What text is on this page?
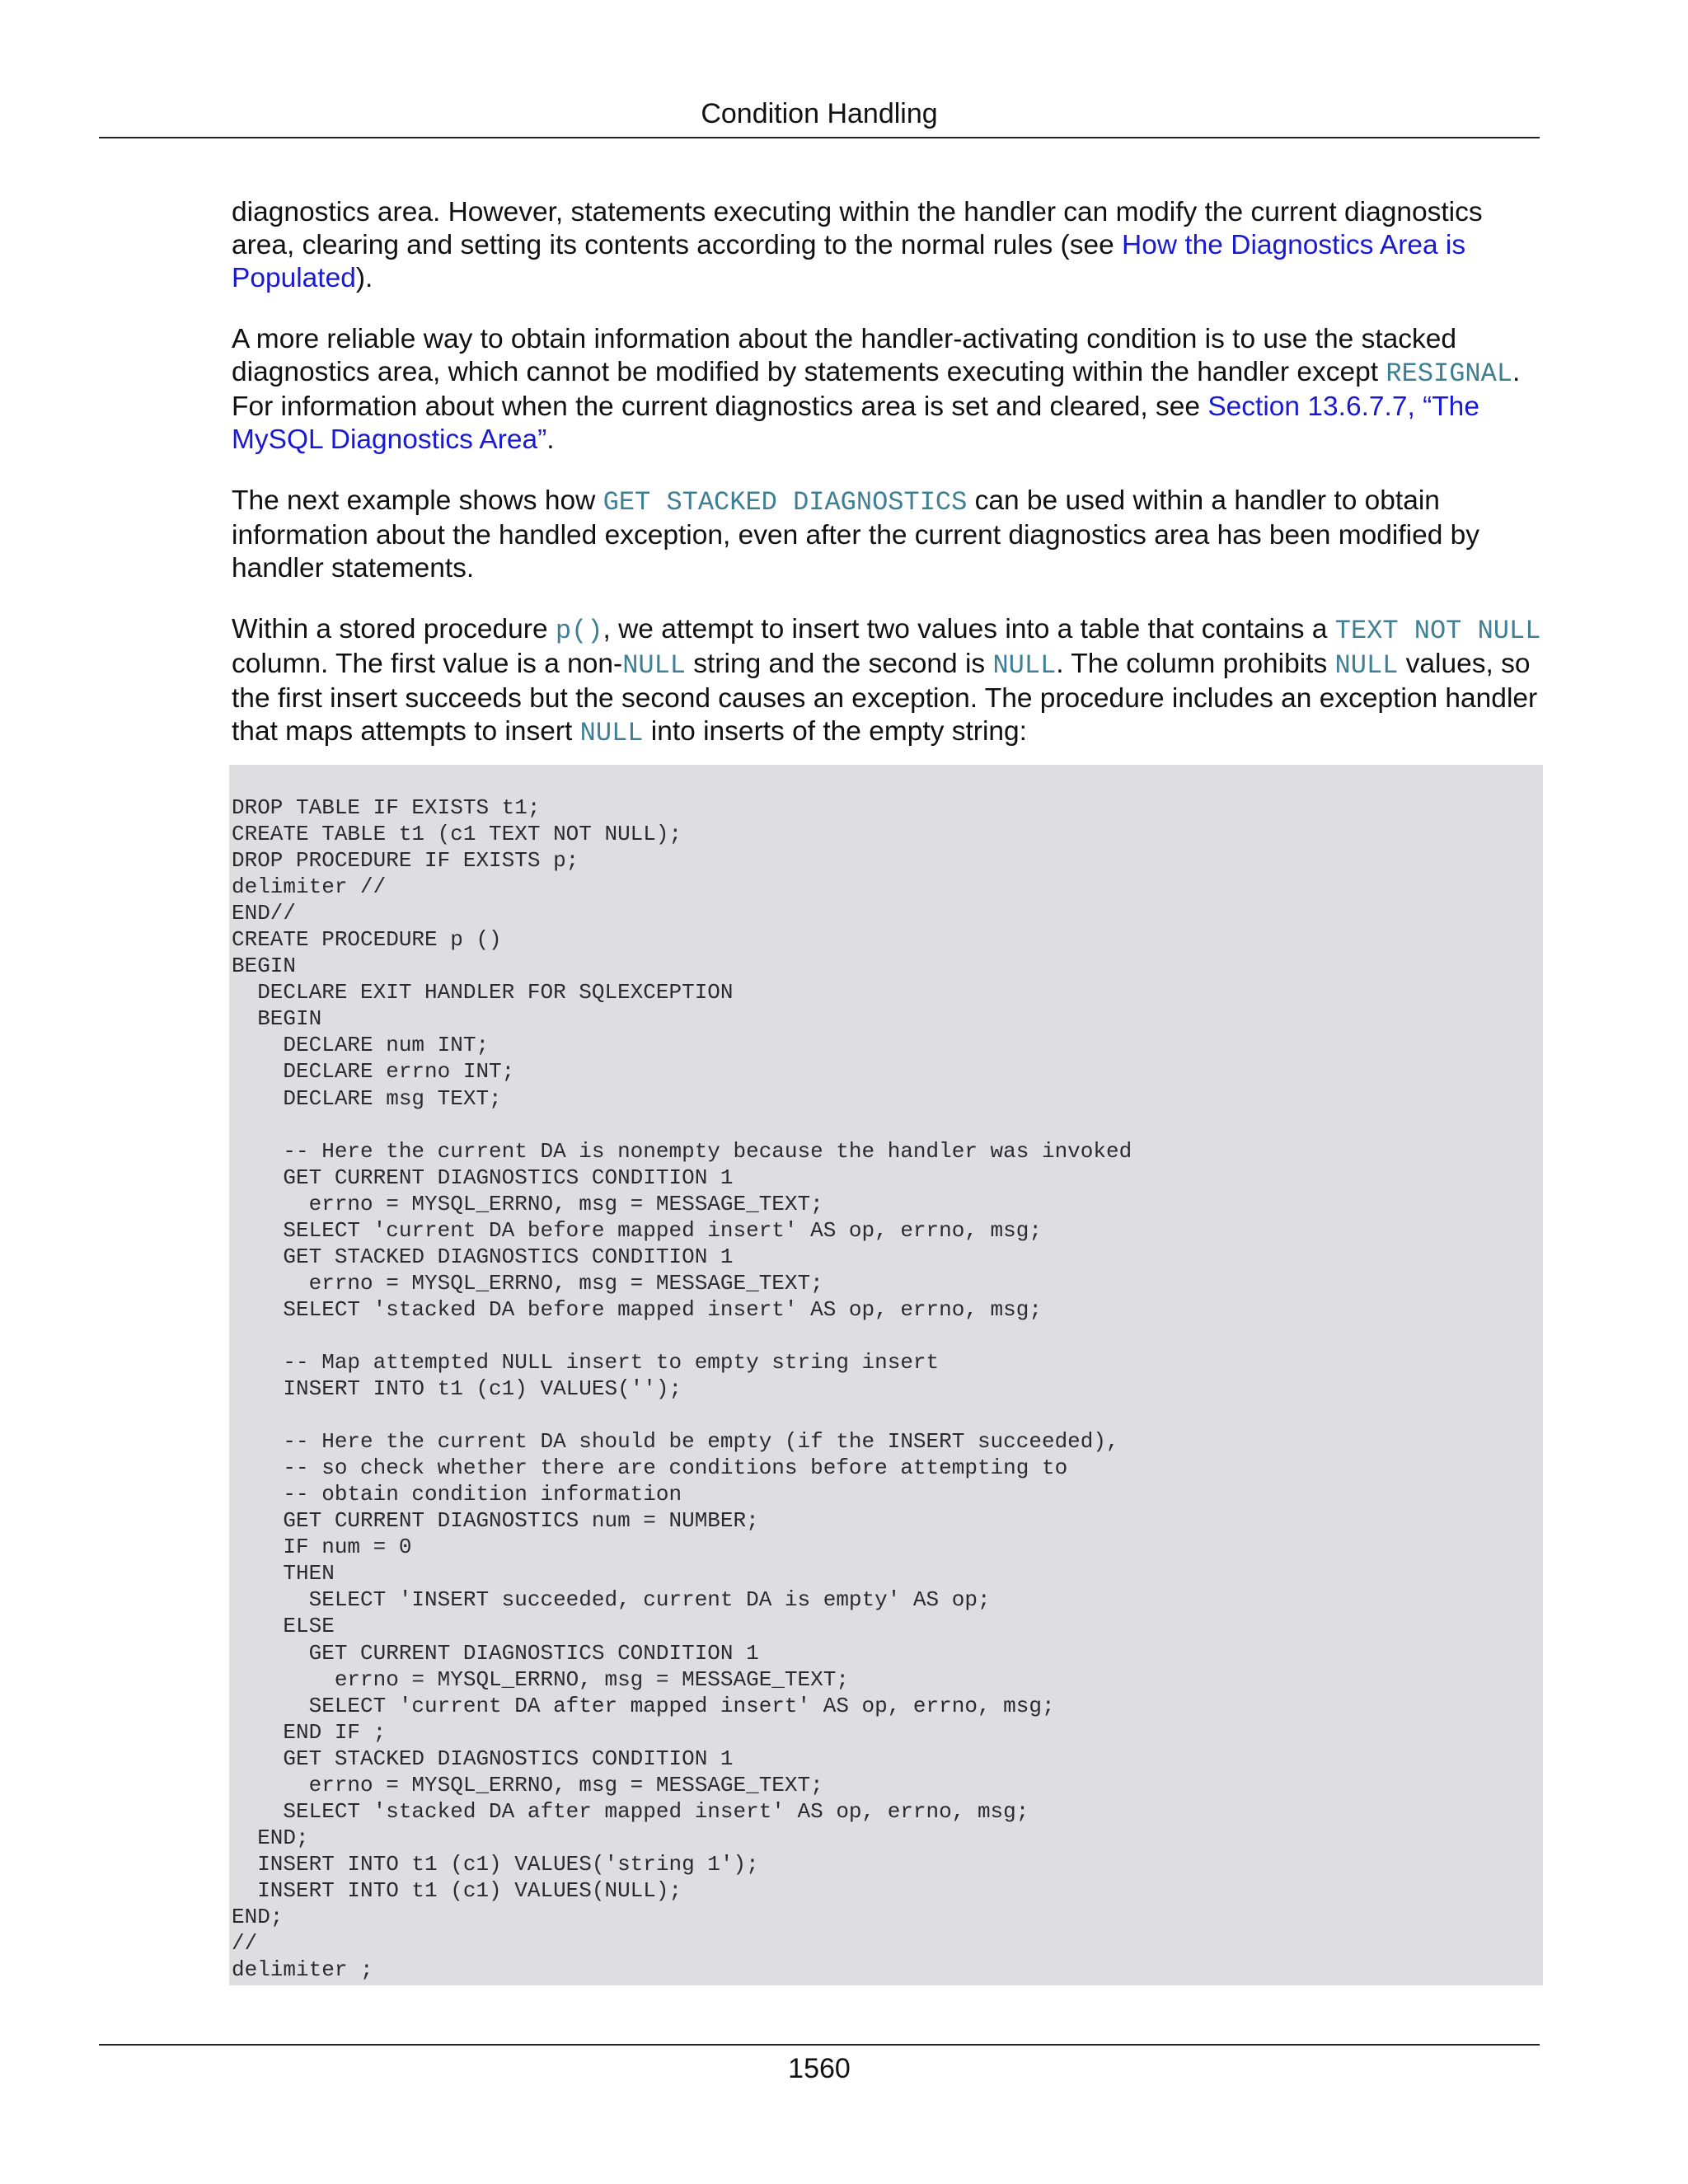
Condition Handling

diagnostics area. However, statements executing within the handler can modify the current diagnostics area, clearing and setting its contents according to the normal rules (see How the Diagnostics Area is Populated).

A more reliable way to obtain information about the handler-activating condition is to use the stacked diagnostics area, which cannot be modified by statements executing within the handler except RESIGNAL. For information about when the current diagnostics area is set and cleared, see Section 13.6.7.7, “The MySQL Diagnostics Area”.

The next example shows how GET STACKED DIAGNOSTICS can be used within a handler to obtain information about the handled exception, even after the current diagnostics area has been modified by handler statements.

Within a stored procedure p(), we attempt to insert two values into a table that contains a TEXT NOT NULL column. The first value is a non-NULL string and the second is NULL. The column prohibits NULL values, so the first insert succeeds but the second causes an exception. The procedure includes an exception handler that maps attempts to insert NULL into inserts of the empty string:

DROP TABLE IF EXISTS t1;
CREATE TABLE t1 (c1 TEXT NOT NULL);
DROP PROCEDURE IF EXISTS p;
delimiter //
END//
CREATE PROCEDURE p ()
BEGIN
DECLARE EXIT HANDLER FOR SQLEXCEPTION
BEGIN
DECLARE num INT;
DECLARE errno INT;
DECLARE msg TEXT;

-- Here the current DA is nonempty because the handler was invoked
GET CURRENT DIAGNOSTICS CONDITION 1
errno = MYSQL_ERRNO, msg = MESSAGE_TEXT;
SELECT 'current DA before mapped insert' AS op, errno, msg;
GET STACKED DIAGNOSTICS CONDITION 1
errno = MYSQL_ERRNO, msg = MESSAGE_TEXT;
SELECT 'stacked DA before mapped insert' AS op, errno, msg;

-- Map attempted NULL insert to empty string insert
INSERT INTO t1 (c1) VALUES('');

-- Here the current DA should be empty (if the INSERT succeeded),
-- so check whether there are conditions before attempting to
-- obtain condition information
GET CURRENT DIAGNOSTICS num = NUMBER;
IF num = 0
THEN
SELECT 'INSERT succeeded, current DA is empty' AS op;
ELSE
GET CURRENT DIAGNOSTICS CONDITION 1
errno = MYSQL_ERRNO, msg = MESSAGE_TEXT;
SELECT 'current DA after mapped insert' AS op, errno, msg;
END IF ;
GET STACKED DIAGNOSTICS CONDITION 1
errno = MYSQL_ERRNO, msg = MESSAGE_TEXT;
SELECT 'stacked DA after mapped insert' AS op, errno, msg;
END;
INSERT INTO t1 (c1) VALUES('string 1');
INSERT INTO t1 (c1) VALUES(NULL);
END;
//
delimiter ;
1560
